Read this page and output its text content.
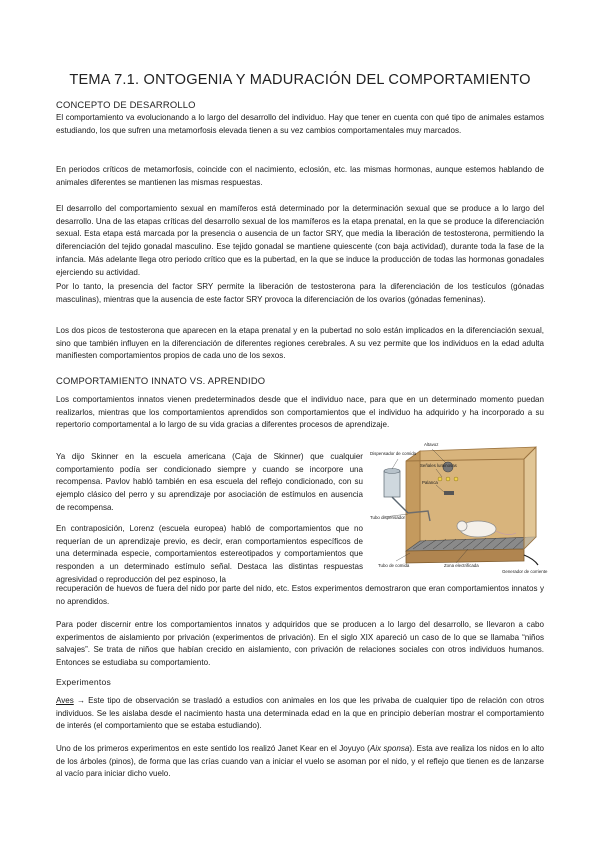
TEMA 7.1. ONTOGENIA Y MADURACIÓN DEL COMPORTAMIENTO
CONCEPTO DE DESARROLLO

El comportamiento va evolucionando a lo largo del desarrollo del individuo. Hay que tener en cuenta con qué tipo de animales estamos estudiando, los que sufren una metamorfosis elevada tienen a su vez cambios comportamentales muy marcados.

En periodos críticos de metamorfosis, coincide con el nacimiento, eclosión, etc. las mismas hormonas, aunque estemos hablando de animales diferentes se mantienen las mismas respuestas.

El desarrollo del comportamiento sexual en mamíferos está determinado por la determinación sexual que se produce a lo largo del desarrollo. Una de las etapas críticas del desarrollo sexual de los mamíferos es la etapa prenatal, en la que se produce la diferenciación sexual. Esta etapa está marcada por la presencia o ausencia de un factor SRY, que media la liberación de testosterona, permitiendo la diferenciación del tejido gonadal masculino. Ese tejido gonadal se mantiene quiescente (con baja actividad), durante toda la fase de la infancia. Más adelante llega otro periodo crítico que es la pubertad, en la que se induce la producción de todas las hormonas gonadales ejerciendo su actividad.

Por lo tanto, la presencia del factor SRY permite la liberación de testosterona para la diferenciación de los testículos (gónadas masculinas), mientras que la ausencia de este factor SRY provoca la diferenciación de los ovarios (gónadas femeninas).

Los dos picos de testosterona que aparecen en la etapa prenatal y en la pubertad no solo están implicados en la diferenciación sexual, sino que también influyen en la diferenciación de diferentes regiones cerebrales. A su vez permite que los individuos en la edad adulta manifiesten comportamientos propios de cada uno de los sexos.

COMPORTAMIENTO INNATO VS. APRENDIDO

Los comportamientos innatos vienen predeterminados desde que el individuo nace, para que en un determinado momento puedan realizarlos, mientras que los comportamientos aprendidos son comportamientos que el individuo ha adquirido y ha incorporado a su repertorio comportamental a lo largo de su vida gracias a diferentes procesos de aprendizaje.

Ya dijo Skinner en la escuela americana (Caja de Skinner) que cualquier comportamiento podía ser condicionado siempre y cuando se incorpore una recompensa. Pavlov habló también en esa escuela del reflejo condicionado, con su ejemplo clásico del perro y su aprendizaje por asociación de estímulos en ausencia de recompensa.

En contraposición, Lorenz (escuela europea) habló de comportamientos que no requerían de un aprendizaje previo, es decir, eran comportamientos específicos de una determinada especie, comportamientos estereotipados y comportamientos que responden a un determinado estímulo señal. Destaca las distintas respuestas agresividad o reproducción del pez espinoso, la

recuperación de huevos de fuera del nido por parte del nido, etc. Estos experimentos demostraron que eran comportamientos innatos y no aprendidos.

Para poder discernir entre los comportamientos innatos y adquiridos que se producen a lo largo del desarrollo, se llevaron a cabo experimentos de aislamiento por privación (experimentos de privación). En el siglo XIX apareció un caso de lo que se llamaba “niños salvajes”. Se trata de niños que habían crecido en aislamiento, con privación de relaciones sociales con otros individuos humanos. Entonces se estudiaba su comportamiento.

Experimentos

Aves → Este tipo de observación se trasladó a estudios con animales en los que les privaba de cualquier tipo de relación con otros individuos. Se les aislaba desde el nacimiento hasta una determinada edad en la que en principio deberían mostrar el comportamiento de interés (el comportamiento que se estaba estudiando).

Uno de los primeros experimentos en este sentido los realizó Janet Kear en el Joyuyo (Aix sponsa). Esta ave realiza los nidos en lo alto de los árboles (pinos), de forma que las crías cuando van a iniciar el vuelo se asoman por el nido, y el reflejo que tienen es de lanzarse al vacío para iniciar dicho vuelo.

Dispensador de comida
Altavoz
Señales luminosas
Palanca
Tubo dispensador
Tubo de comida	Zona electrificada
Generador de corriente
